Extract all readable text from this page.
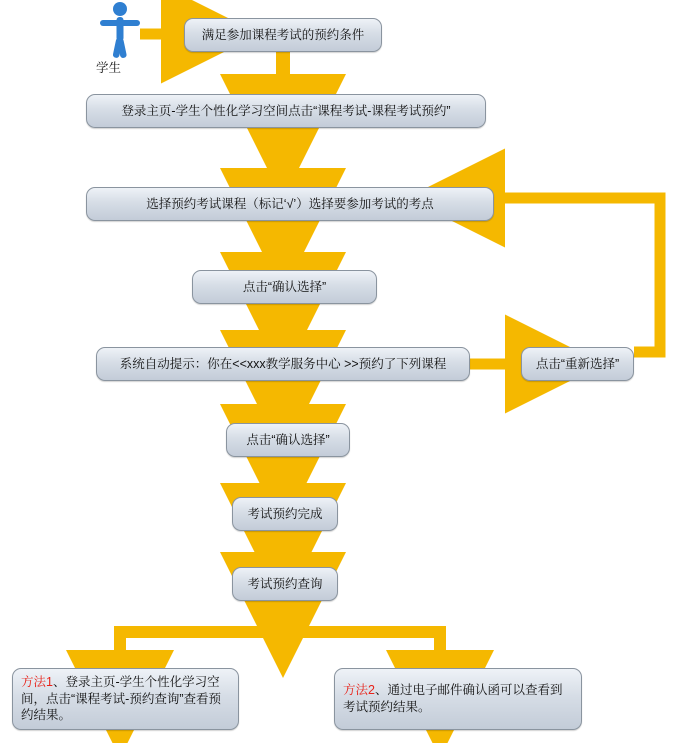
学生
满足参加课程考试的预约条件
登录主页-学生个性化学习空间点击“课程考试-课程考试预约”
选择预约考试课程（标记‘√’）选择要参加考试的考点
点击“确认选择”
系统自动提示：你在<<xxx教学服务中心 >>预约了下列课程	点击“重新选择”
点击“确认选择”
考试预约完成
考试预约查询
方法1、登录主页-学生个性化学习空间，点击“课程考试-预约查询”查看预约结果。
方法2、通过电子邮件确认函可以查看到考试预约结果。
